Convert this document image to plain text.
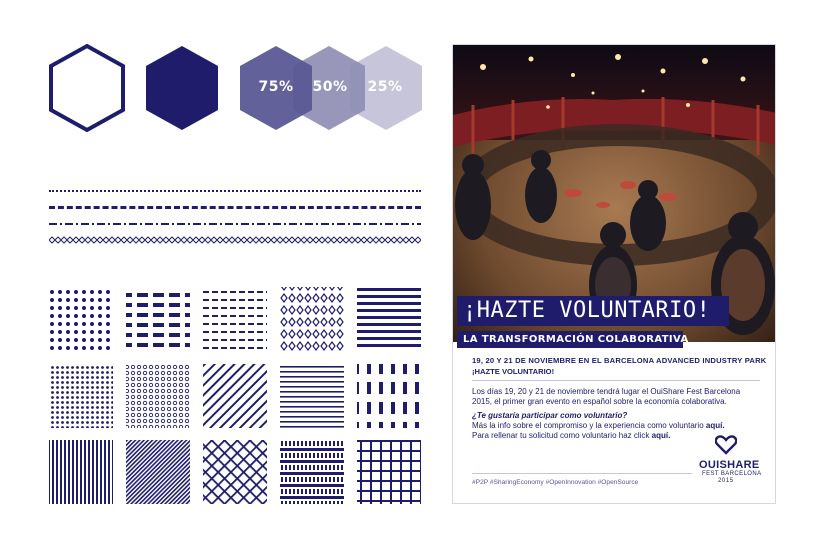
75%	50%	25%
¡HAZTE VOLUNTARIO!
LA TRANSFORMACIÓN COLABORATIVA
19, 20 Y 21 DE NOVIEMBRE EN EL BARCELONA ADVANCED INDUSTRY PARK
¡HAZTE VOLUNTARIO!
Los días 19, 20 y 21 de noviembre tendrá lugar el OuiShare Fest Barcelona
2015, el primer gran evento en español sobre la economía colaborativa.
¿Te gustaría participar como voluntario?
Más la info sobre el compromiso y la experiencia como voluntario aquí.
Para rellenar tu solicitud como voluntario haz click aquí.
OUISHARE
FEST BARCELONA
2015
#P2P #SharingEconomy #OpenInnovation #OpenSource
